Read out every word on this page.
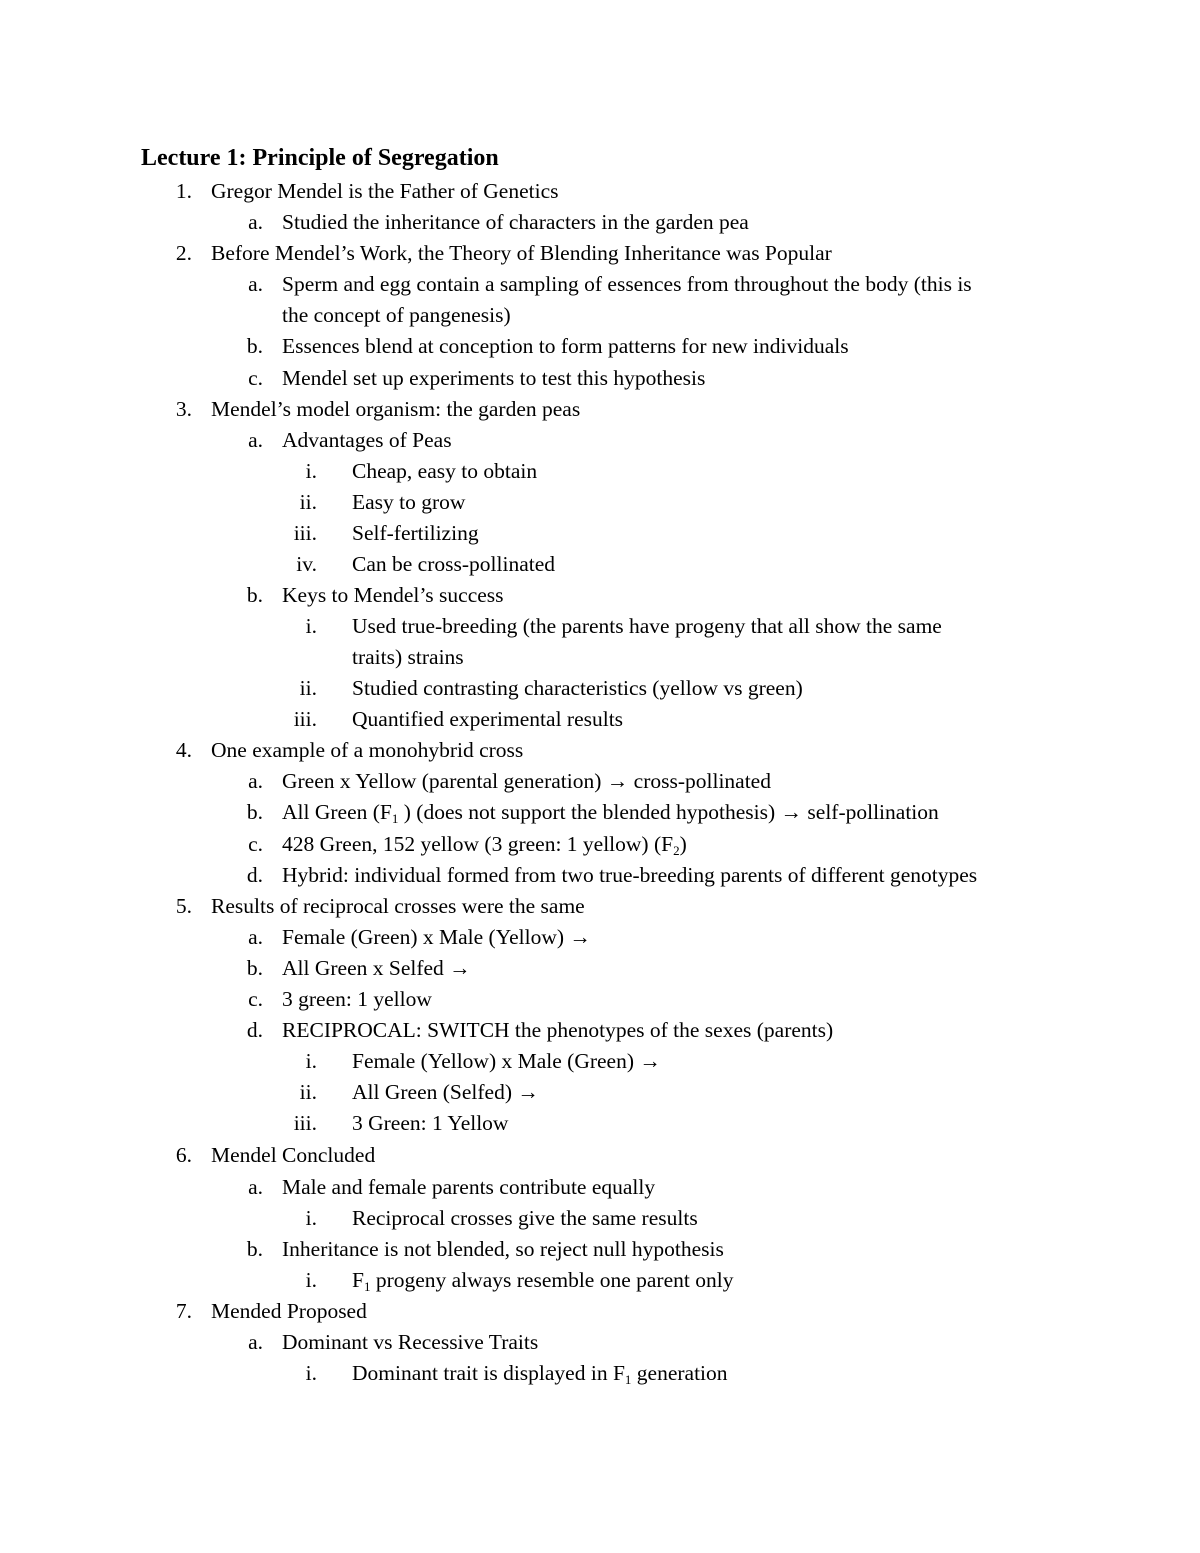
Lecture 1: Principle of Segregation
1. Gregor Mendel is the Father of Genetics
a. Studied the inheritance of characters in the garden pea
2. Before Mendel’s Work, the Theory of Blending Inheritance was Popular
a. Sperm and egg contain a sampling of essences from throughout the body (this is
the concept of pangenesis)
b. Essences blend at conception to form patterns for new individuals
c. Mendel set up experiments to test this hypothesis
3. Mendel’s model organism: the garden peas
a. Advantages of Peas
i. Cheap, easy to obtain
ii. Easy to grow
iii. Self-fertilizing
iv. Can be cross-pollinated
b. Keys to Mendel’s success
i. Used true-breeding (the parents have progeny that all show the same
traits) strains
ii. Studied contrasting characteristics (yellow vs green)
iii. Quantified experimental results
4. One example of a monohybrid cross
a. Green x Yellow (parental generation) → cross-pollinated
b. All Green ($F_1$ ) (does not support the blended hypothesis) → self-pollination
c. 428 Green, 152 yellow (3 green: 1 yellow) $(F_2)$
d. Hybrid: individual formed from two true-breeding parents of different genotypes
5. Results of reciprocal crosses were the same
a. Female (Green) x Male (Yellow) →
b. All Green x Selfed →
c. 3 green: 1 yellow
d. RECIPROCAL: SWITCH the phenotypes of the sexes (parents)
i. Female (Yellow) x Male (Green) →
ii. All Green (Selfed) →
iii. 3 Green: 1 Yellow
6. Mendel Concluded
a. Male and female parents contribute equally
i. Reciprocal crosses give the same results
b. Inheritance is not blended, so reject null hypothesis
i. $F_1$ progeny always resemble one parent only
7. Mended Proposed
a. Dominant vs Recessive Traits
i. Dominant trait is displayed in $F_1$ generation
